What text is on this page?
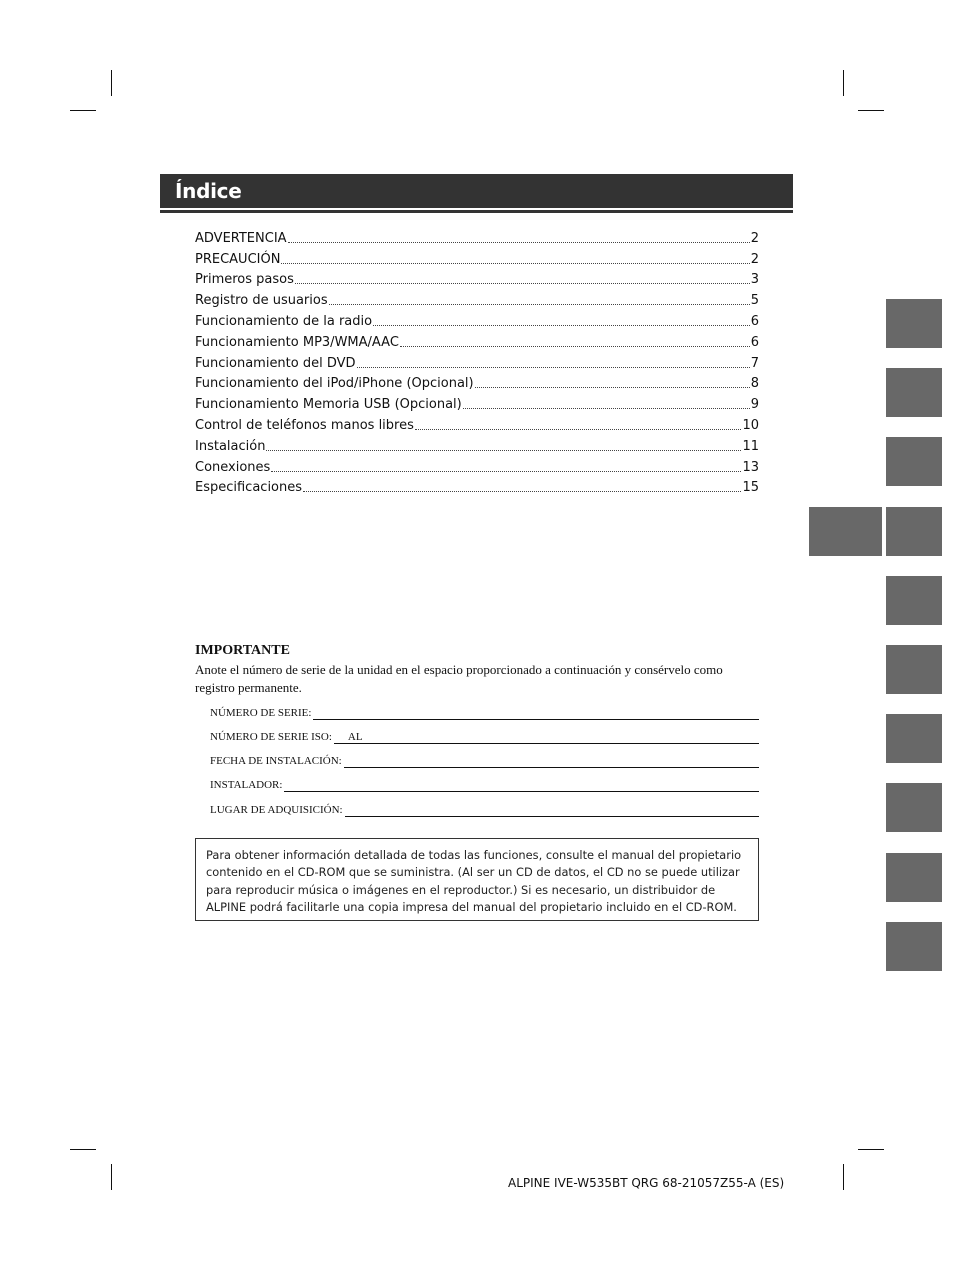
Índice
ADVERTENCIA	2
PRECAUCIÓN	2
Primeros pasos	3
Registro de usuarios	5
Funcionamiento de la radio	6
Funcionamiento MP3/WMA/AAC	6
Funcionamiento del DVD	7
Funcionamiento del iPod/iPhone (Opcional)	8
Funcionamiento Memoria USB (Opcional)	9
Control de teléfonos manos libres	10
Instalación	11
Conexiones	13
Especificaciones	15
IMPORTANTE
Anote el número de serie de la unidad en el espacio proporcionado a continuación y consérvelo como registro permanente.
NÚMERO DE SERIE:
NÚMERO DE SERIE ISO: AL
FECHA DE INSTALACIÓN:
INSTALADOR:
LUGAR DE ADQUISICIÓN:

Para obtener información detallada de todas las funciones, consulte el manual del propietario contenido en el CD-ROM que se suministra. (Al ser un CD de datos, el CD no se puede utilizar para reproducir música o imágenes en el reproductor.) Si es necesario, un distribuidor de ALPINE podrá facilitarle una copia impresa del manual del propietario incluido en el CD-ROM.

ALPINE IVE-W535BT QRG 68-21057Z55-A (ES)
